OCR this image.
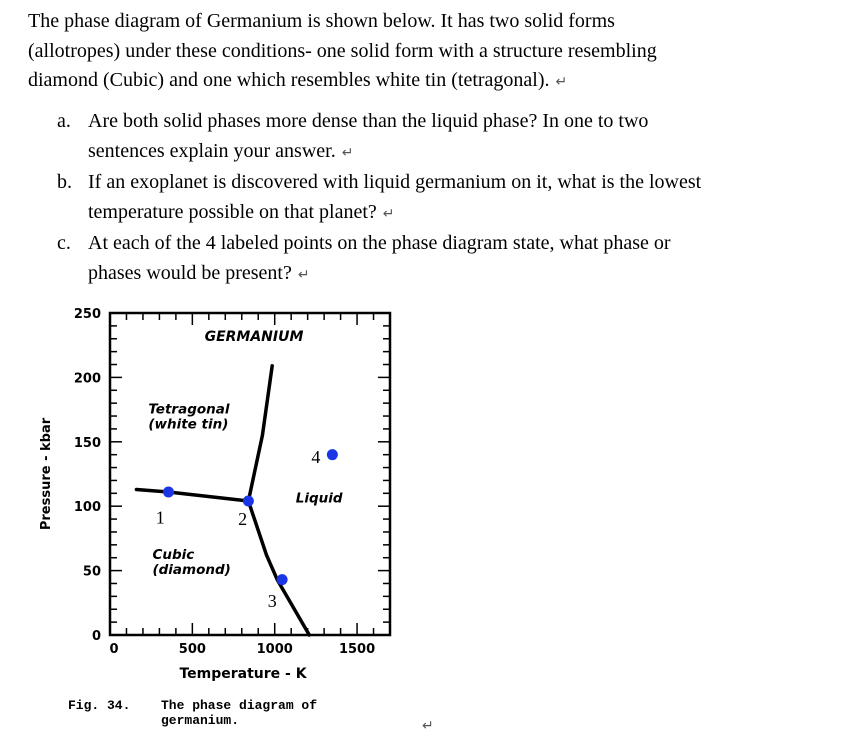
The phase diagram of Germanium is shown below. It has two solid forms
(allotropes) under these conditions- one solid form with a structure resembling
diamond (Cubic) and one which resembles white tin (tetragonal). ↵
a. Are both solid phases more dense than the liquid phase? In one to two
sentences explain your answer. ↵
b. If an exoplanet is discovered with liquid germanium on it, what is the lowest
temperature possible on that planet? ↵
c. At each of the 4 labeled points on the phase diagram state, what phase or
phases would be present? ↵
0
50
100
150
200
250
0	500	1000	1500
GERMANIUM
Tetragonal
(white tin)
Liquid
Cubic
(diamond)
Temperature - K
Pressure - kbar	1	2
3
4
Fig. 34. The phase diagram of
germanium.	↵
